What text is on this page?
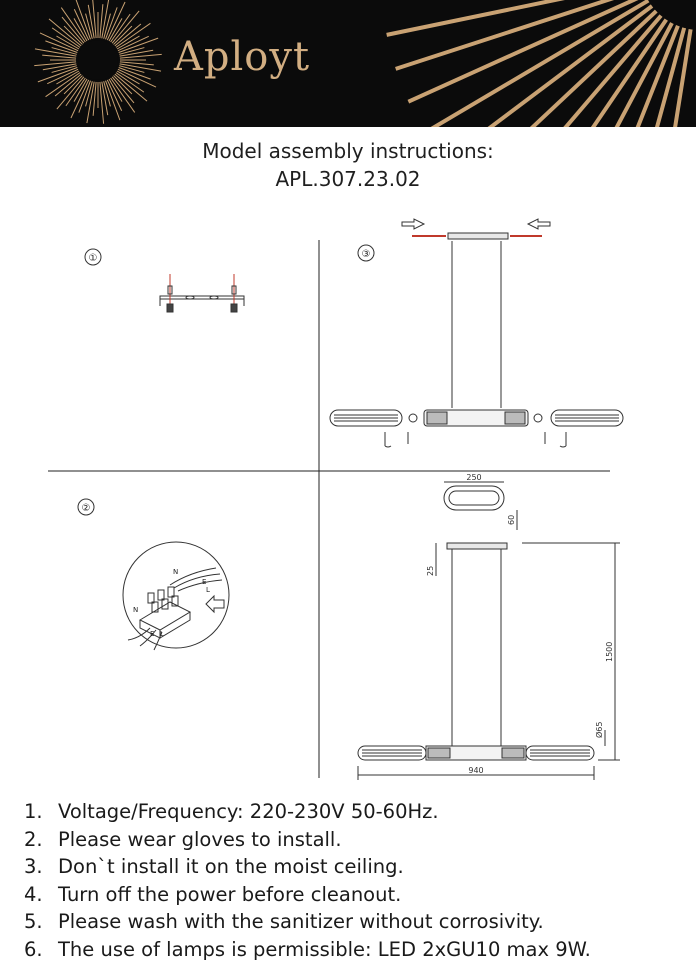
Aployt
Model assembly instructions:
APL.307.23.02
①
②
③
N
E
L
N
E L
250
60
25
1500
Ø65
940
1. Voltage/Frequency: 220-230V 50-60Hz.
2. Please wear gloves to install.
3. Don`t install it on the moist ceiling.
4. Turn off the power before cleanout.
5. Please wash with the sanitizer without corrosivity.
6. The use of lamps is permissible: LED 2xGU10 max 9W.
